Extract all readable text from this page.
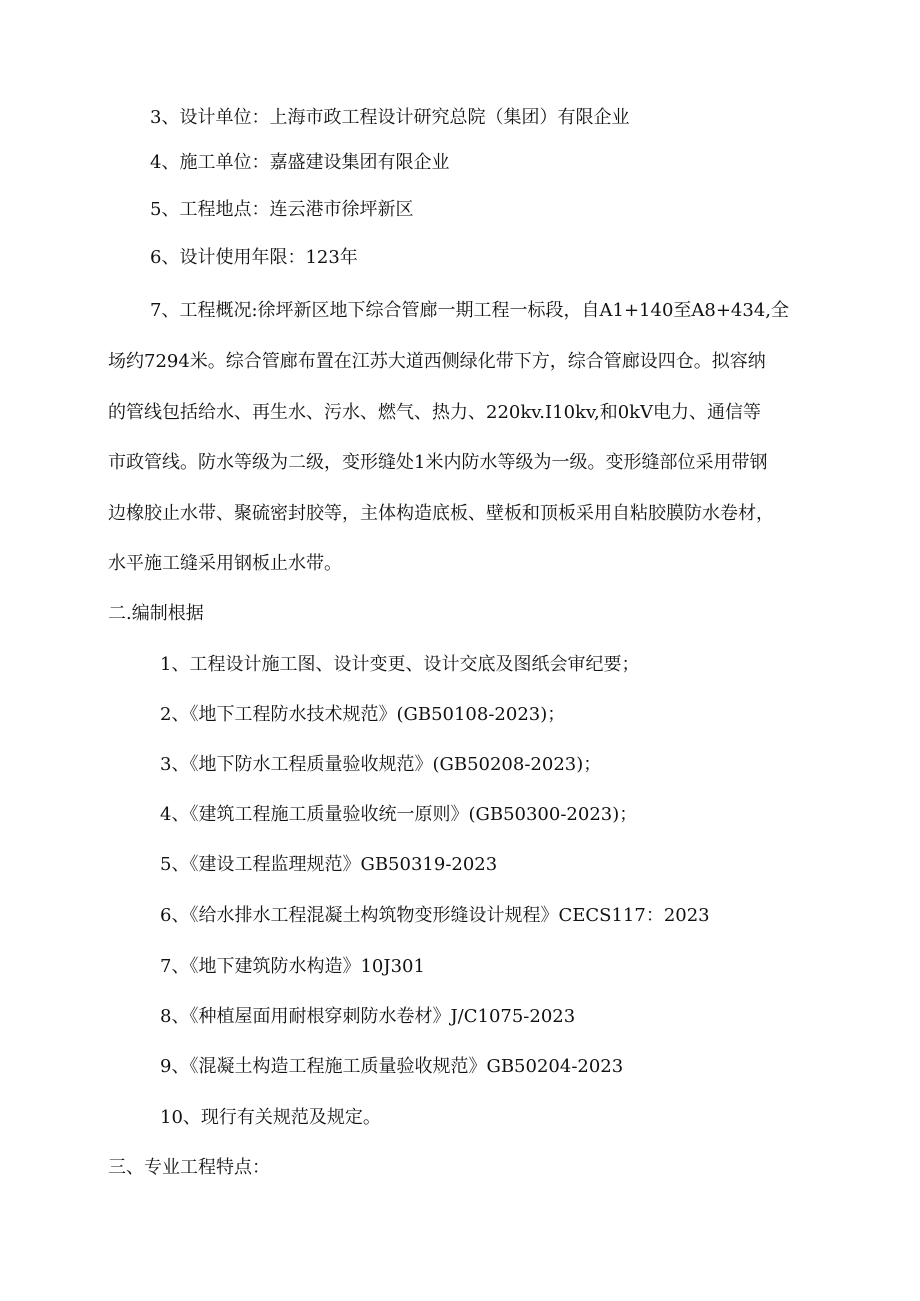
3、设计单位：上海市政工程设计研究总院（集团）有限企业
4、施工单位：嘉盛建设集团有限企业
5、工程地点：连云港市徐坪新区
6、设计使用年限：123年
7、工程概况:徐坪新区地下综合管廊一期工程一标段，自A1+140至A8+434,全
场约7294米。综合管廊布置在江苏大道西侧绿化带下方，综合管廊设四仓。拟容纳
的管线包括给水、再生水、污水、燃气、热力、220kv.I10kv,和0kV电力、通信等
市政管线。防水等级为二级，变形缝处1米内防水等级为一级。变形缝部位采用带钢
边橡胶止水带、聚硫密封胶等，主体构造底板、壁板和顶板采用自粘胶膜防水卷材，
水平施工缝采用钢板止水带。
二.编制根据
1、工程设计施工图、设计变更、设计交底及图纸会审纪要；
2、《地下工程防水技术规范》(GB50108-2023)；
3、《地下防水工程质量验收规范》(GB50208-2023)；
4、《建筑工程施工质量验收统一原则》(GB50300-2023)；
5、《建设工程监理规范》GB50319-2023
6、《给水排水工程混凝土构筑物变形缝设计规程》CECS117：2023
7、《地下建筑防水构造》10J301
8、《种植屋面用耐根穿刺防水卷材》J/C1075-2023
9、《混凝土构造工程施工质量验收规范》GB50204-2023
10、现行有关规范及规定。
三、专业工程特点：
